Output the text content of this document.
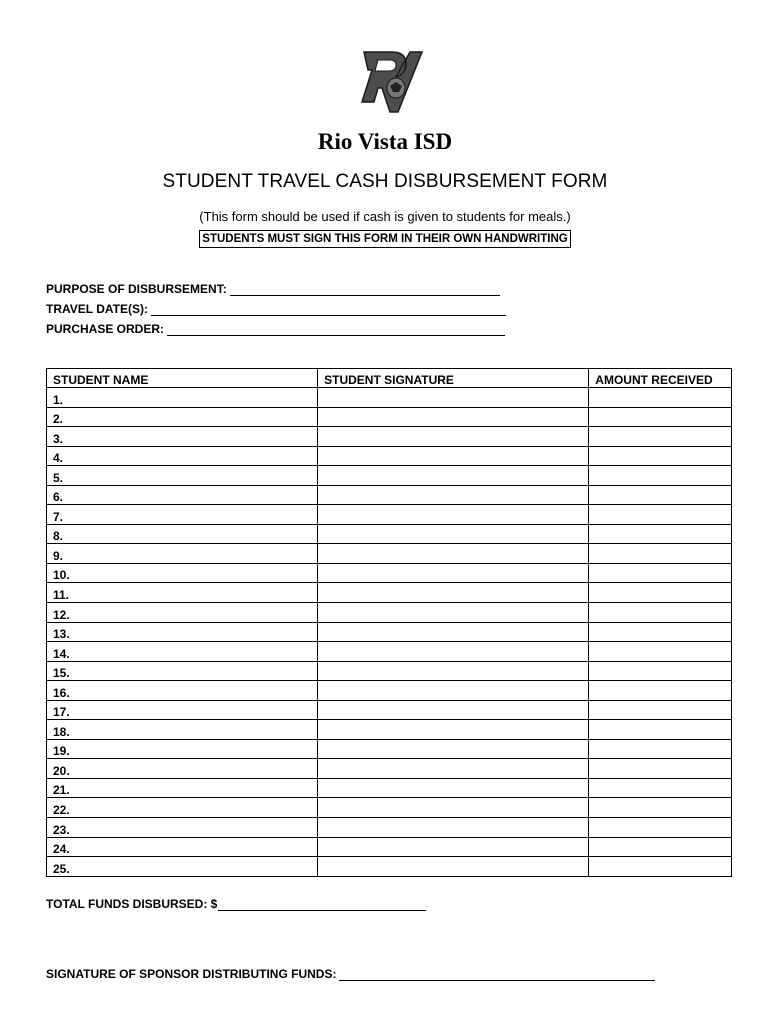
Rio Vista ISD
STUDENT TRAVEL CASH DISBURSEMENT FORM
(This form should be used if cash is given to students for meals.)
STUDENTS MUST SIGN THIS FORM IN THEIR OWN HANDWRITING
PURPOSE OF DISBURSEMENT:
TRAVEL DATE(S):
PURCHASE ORDER:
STUDENT NAME	STUDENT SIGNATURE	AMOUNT RECEIVED
1.		
2.		
3.		
4.		
5.		
6.		
7.		
8.		
9.		
10.		
11.		
12.		
13.		
14.		
15.		
16.		
17.		
18.		
19.		
20.		
21.		
22.		
23.		
24.		
25.		
TOTAL FUNDS DISBURSED: $
SIGNATURE OF SPONSOR DISTRIBUTING FUNDS:
